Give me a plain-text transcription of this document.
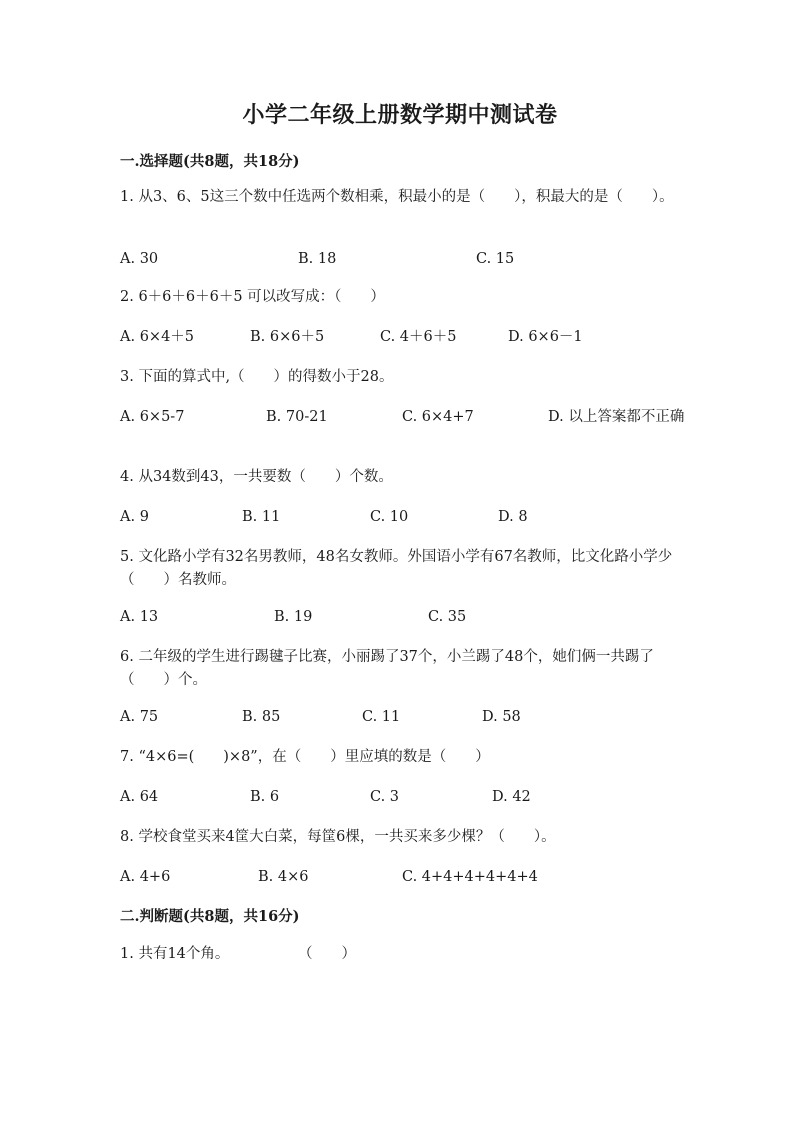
小学二年级上册数学期中测试卷
一.选择题(共8题，共18分)
1. 从3、6、5这三个数中任选两个数相乘，积最小的是（　　），积最大的是（　　）。
A. 30	B. 18	C. 15
2. 6＋6＋6＋6＋5 可以改写成：（　　）
A. 6×4＋5	B. 6×6＋5	C. 4＋6＋5	D. 6×6－1
3. 下面的算式中,（　　）的得数小于28。
A. 6×5-7	B. 70-21	C. 6×4+7	D. 以上答案都不正确
4. 从34数到43，一共要数（　　）个数。
A. 9	B. 11	C. 10	D. 8
5. 文化路小学有32名男教师，48名女教师。外国语小学有67名教师，比文化路小学少（　　）名教师。
A. 13	B. 19	C. 35
6. 二年级的学生进行踢毽子比赛，小丽踢了37个，小兰踢了48个，她们俩一共踢了（　　）个。
A. 75	B. 85	C. 11	D. 58
7. “4×6=(　　)×8”，在（　　）里应填的数是（　　）
A. 64	B. 6	C. 3	D. 42
8. 学校食堂买来4筐大白菜，每筐6棵，一共买来多少棵？（　　）。
A. 4+6	B. 4×6	C. 4+4+4+4+4+4
二.判断题(共8题，共16分)
1. 共有14个角。	（　　）
